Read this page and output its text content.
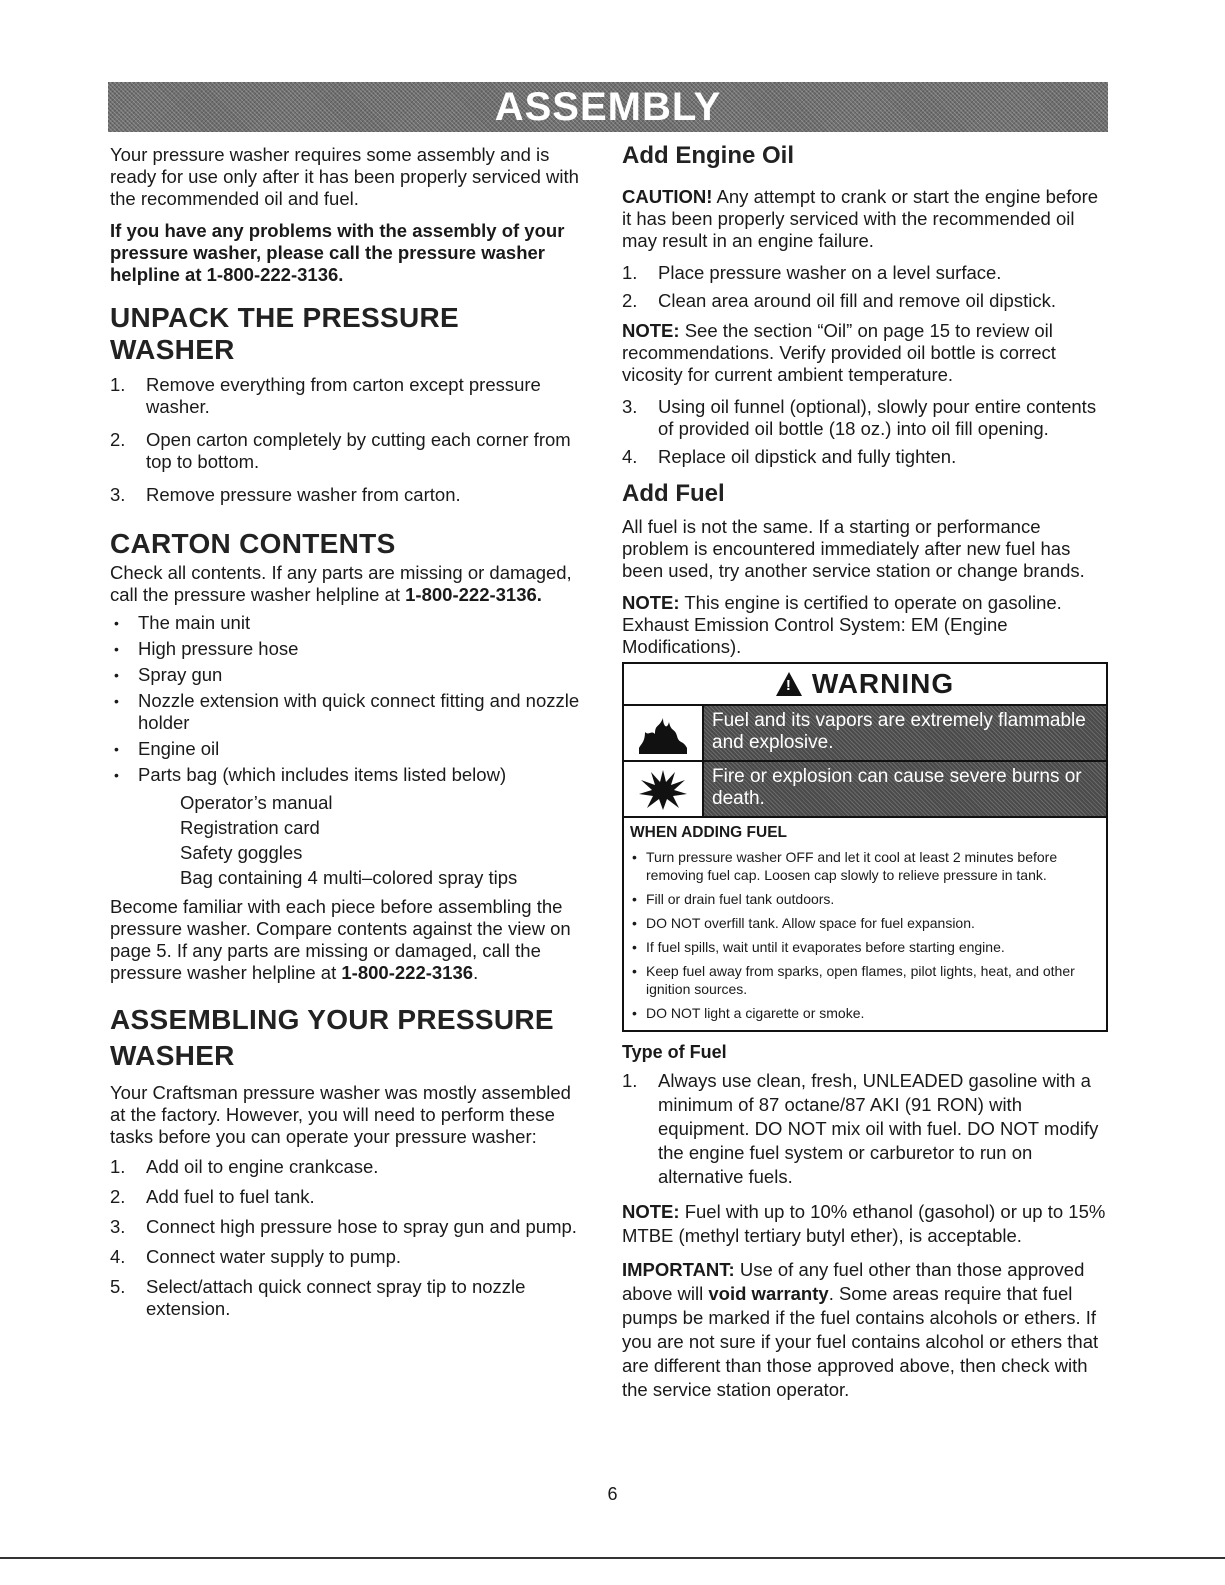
ASSEMBLY

Your pressure washer requires some assembly and is ready for use only after it has been properly serviced with the recommended oil and fuel.

If you have any problems with the assembly of your pressure washer, please call the pressure washer helpline at 1-800-222-3136.

UNPACK THE PRESSURE WASHER
1. Remove everything from carton except pressure washer.
2. Open carton completely by cutting each corner from top to bottom.
3. Remove pressure washer from carton.
CARTON CONTENTS

Check all contents. If any parts are missing or damaged, call the pressure washer helpline at 1-800-222-3136.

• The main unit
• High pressure hose
• Spray gun
• Nozzle extension with quick connect fitting and nozzle holder
• Engine oil
• Parts bag (which includes items listed below)
Operator’s manual
Registration card
Safety goggles
Bag containing 4 multi–colored spray tips

Become familiar with each piece before assembling the pressure washer. Compare contents against the view on page 5. If any parts are missing or damaged, call the pressure washer helpline at 1-800-222-3136.

ASSEMBLING YOUR PRESSURE WASHER

Your Craftsman pressure washer was mostly assembled at the factory. However, you will need to perform these tasks before you can operate your pressure washer:

1. Add oil to engine crankcase.
2. Add fuel to fuel tank.
3. Connect high pressure hose to spray gun and pump.
4. Connect water supply to pump.
5. Select/attach quick connect spray tip to nozzle extension.
Add Engine Oil

CAUTION! Any attempt to crank or start the engine before it has been properly serviced with the recommended oil may result in an engine failure.

1. Place pressure washer on a level surface.
2. Clean area around oil fill and remove oil dipstick.

NOTE: See the section “Oil” on page 15 to review oil recommendations. Verify provided oil bottle is correct vicosity for current ambient temperature.

3. Using oil funnel (optional), slowly pour entire contents of provided oil bottle (18 oz.) into oil fill opening.
4. Replace oil dipstick and fully tighten.
Add Fuel

All fuel is not the same. If a starting or performance problem is encountered immediately after new fuel has been used, try another service station or change brands.

NOTE: This engine is certified to operate on gasoline. Exhaust Emission Control System: EM (Engine Modifications).

!
WARNING
Fuel and its vapors are extremely flammable and explosive.
Fire or explosion can cause severe burns or death.
WHEN ADDING FUEL
• Turn pressure washer OFF and let it cool at least 2 minutes before removing fuel cap. Loosen cap slowly to relieve pressure in tank.
• Fill or drain fuel tank outdoors.
• DO NOT overfill tank. Allow space for fuel expansion.
• If fuel spills, wait until it evaporates before starting engine.
• Keep fuel away from sparks, open flames, pilot lights, heat, and other ignition sources.
• DO NOT light a cigarette or smoke.
Type of Fuel
1. Always use clean, fresh, UNLEADED gasoline with a minimum of 87 octane/87 AKI (91 RON) with equipment. DO NOT mix oil with fuel. DO NOT modify the engine fuel system or carburetor to run on alternative fuels.

NOTE: Fuel with up to 10% ethanol (gasohol) or up to 15% MTBE (methyl tertiary butyl ether), is acceptable.

IMPORTANT: Use of any fuel other than those approved above will void warranty. Some areas require that fuel pumps be marked if the fuel contains alcohols or ethers. If you are not sure if your fuel contains alcohol or ethers that are different than those approved above, then check with the service station operator.

6
